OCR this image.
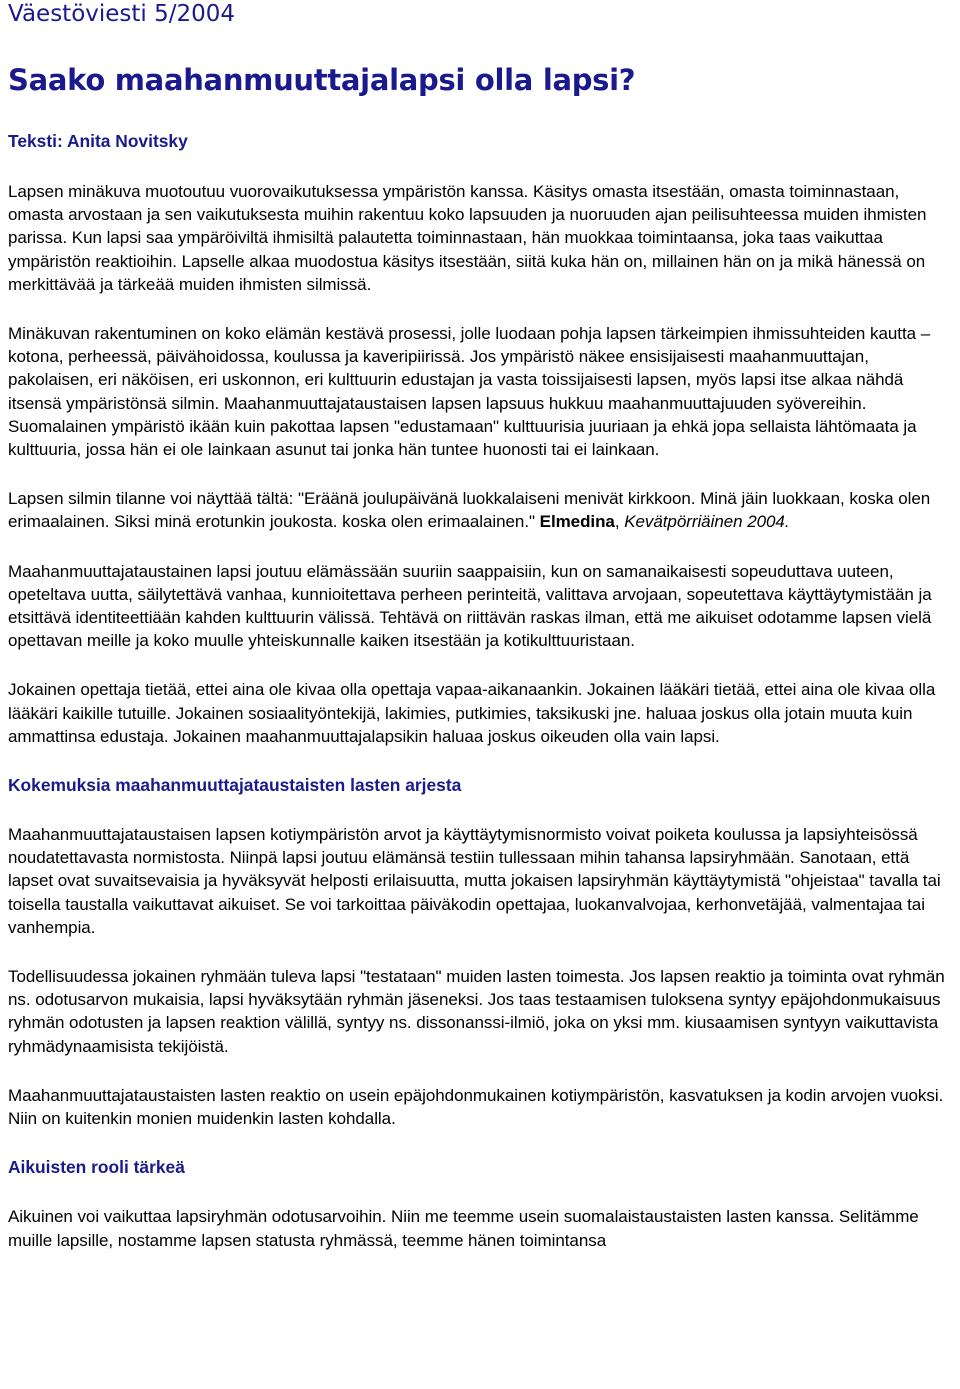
Väestöviesti 5/2004
Saako maahanmuuttajalapsi olla lapsi?

Teksti: Anita Novitsky

Lapsen minäkuva muotoutuu vuorovaikutuksessa ympäristön kanssa. Käsitys omasta itsestään, omasta toiminnastaan, omasta arvostaan ja sen vaikutuksesta muihin rakentuu koko lapsuuden ja nuoruuden ajan peilisuhteessa muiden ihmisten parissa. Kun lapsi saa ympäröiviltä ihmisiltä palautetta toiminnastaan, hän muokkaa toimintaansa, joka taas vaikuttaa ympäristön reaktioihin. Lapselle alkaa muodostua käsitys itsestään, siitä kuka hän on, millainen hän on ja mikä hänessä on merkittävää ja tärkeää muiden ihmisten silmissä.

Minäkuvan rakentuminen on koko elämän kestävä prosessi, jolle luodaan pohja lapsen tärkeimpien ihmissuhteiden kautta – kotona, perheessä, päivähoidossa, koulussa ja kaveripiirissä. Jos ympäristö näkee ensisijaisesti maahanmuuttajan, pakolaisen, eri näköisen, eri uskonnon, eri kulttuurin edustajan ja vasta toissijaisesti lapsen, myös lapsi itse alkaa nähdä itsensä ympäristönsä silmin. Maahanmuuttajataustaisen lapsen lapsuus hukkuu maahanmuuttajuuden syövereihin. Suomalainen ympäristö ikään kuin pakottaa lapsen "edustamaan" kulttuurisia juuriaan ja ehkä jopa sellaista lähtömaata ja kulttuuria, jossa hän ei ole lainkaan asunut tai jonka hän tuntee huonosti tai ei lainkaan.

Lapsen silmin tilanne voi näyttää tältä: "Eräänä joulupäivänä luokkalaiseni menivät kirkkoon. Minä jäin luokkaan, koska olen erimaalainen. Siksi minä erotunkin joukosta. koska olen erimaalainen." Elmedina, Kevätpörriäinen 2004.

Maahanmuuttajataustainen lapsi joutuu elämässään suuriin saappaisiin, kun on samanaikaisesti sopeuduttava uuteen, opeteltava uutta, säilytettävä vanhaa, kunnioitettava perheen perinteitä, valittava arvojaan, sopeutettava käyttäytymistään ja etsittävä identiteettiään kahden kulttuurin välissä. Tehtävä on riittävän raskas ilman, että me aikuiset odotamme lapsen vielä opettavan meille ja koko muulle yhteiskunnalle kaiken itsestään ja kotikulttuuristaan.

Jokainen opettaja tietää, ettei aina ole kivaa olla opettaja vapaa-aikanaankin. Jokainen lääkäri tietää, ettei aina ole kivaa olla lääkäri kaikille tutuille. Jokainen sosiaalityöntekijä, lakimies, putkimies, taksikuski jne. haluaa joskus olla jotain muuta kuin ammattinsa edustaja. Jokainen maahanmuuttajalapsikin haluaa joskus oikeuden olla vain lapsi.

Kokemuksia maahanmuuttajataustaisten lasten arjesta

Maahanmuuttajataustaisen lapsen kotiympäristön arvot ja käyttäytymisnormisto voivat poiketa koulussa ja lapsiyhteisössä noudatettavasta normistosta. Niinpä lapsi joutuu elämänsä testiin tullessaan mihin tahansa lapsiryhmään. Sanotaan, että lapset ovat suvaitsevaisia ja hyväksyvät helposti erilaisuutta, mutta jokaisen lapsiryhmän käyttäytymistä "ohjeistaa" tavalla tai toisella taustalla vaikuttavat aikuiset. Se voi tarkoittaa päiväkodin opettajaa, luokanvalvojaa, kerhonvetäjää, valmentajaa tai vanhempia.

Todellisuudessa jokainen ryhmään tuleva lapsi "testataan" muiden lasten toimesta. Jos lapsen reaktio ja toiminta ovat ryhmän ns. odotusarvon mukaisia, lapsi hyväksytään ryhmän jäseneksi. Jos taas testaamisen tuloksena syntyy epäjohdonmukaisuus ryhmän odotusten ja lapsen reaktion välillä, syntyy ns. dissonanssi-ilmiö, joka on yksi mm. kiusaamisen syntyyn vaikuttavista ryhmädynaamisista tekijöistä.

Maahanmuuttajataustaisten lasten reaktio on usein epäjohdonmukainen kotiympäristön, kasvatuksen ja kodin arvojen vuoksi. Niin on kuitenkin monien muidenkin lasten kohdalla.

Aikuisten rooli tärkeä

Aikuinen voi vaikuttaa lapsiryhmän odotusarvoihin. Niin me teemme usein suomalaistaustaisten lasten kanssa. Selitämme muille lapsille, nostamme lapsen statusta ryhmässä, teemme hänen toimintansa
